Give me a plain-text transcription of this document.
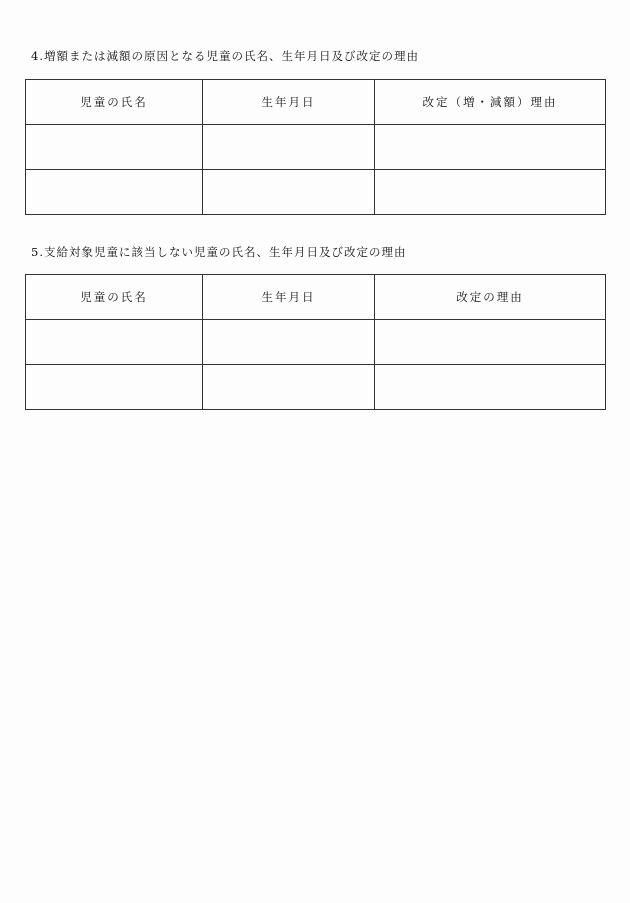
4.増額または減額の原因となる児童の氏名、生年月日及び改定の理由
児童の氏名	生年月日	改定（増・減額）理由

5.支給対象児童に該当しない児童の氏名、生年月日及び改定の理由
児童の氏名	生年月日	改定の理由
